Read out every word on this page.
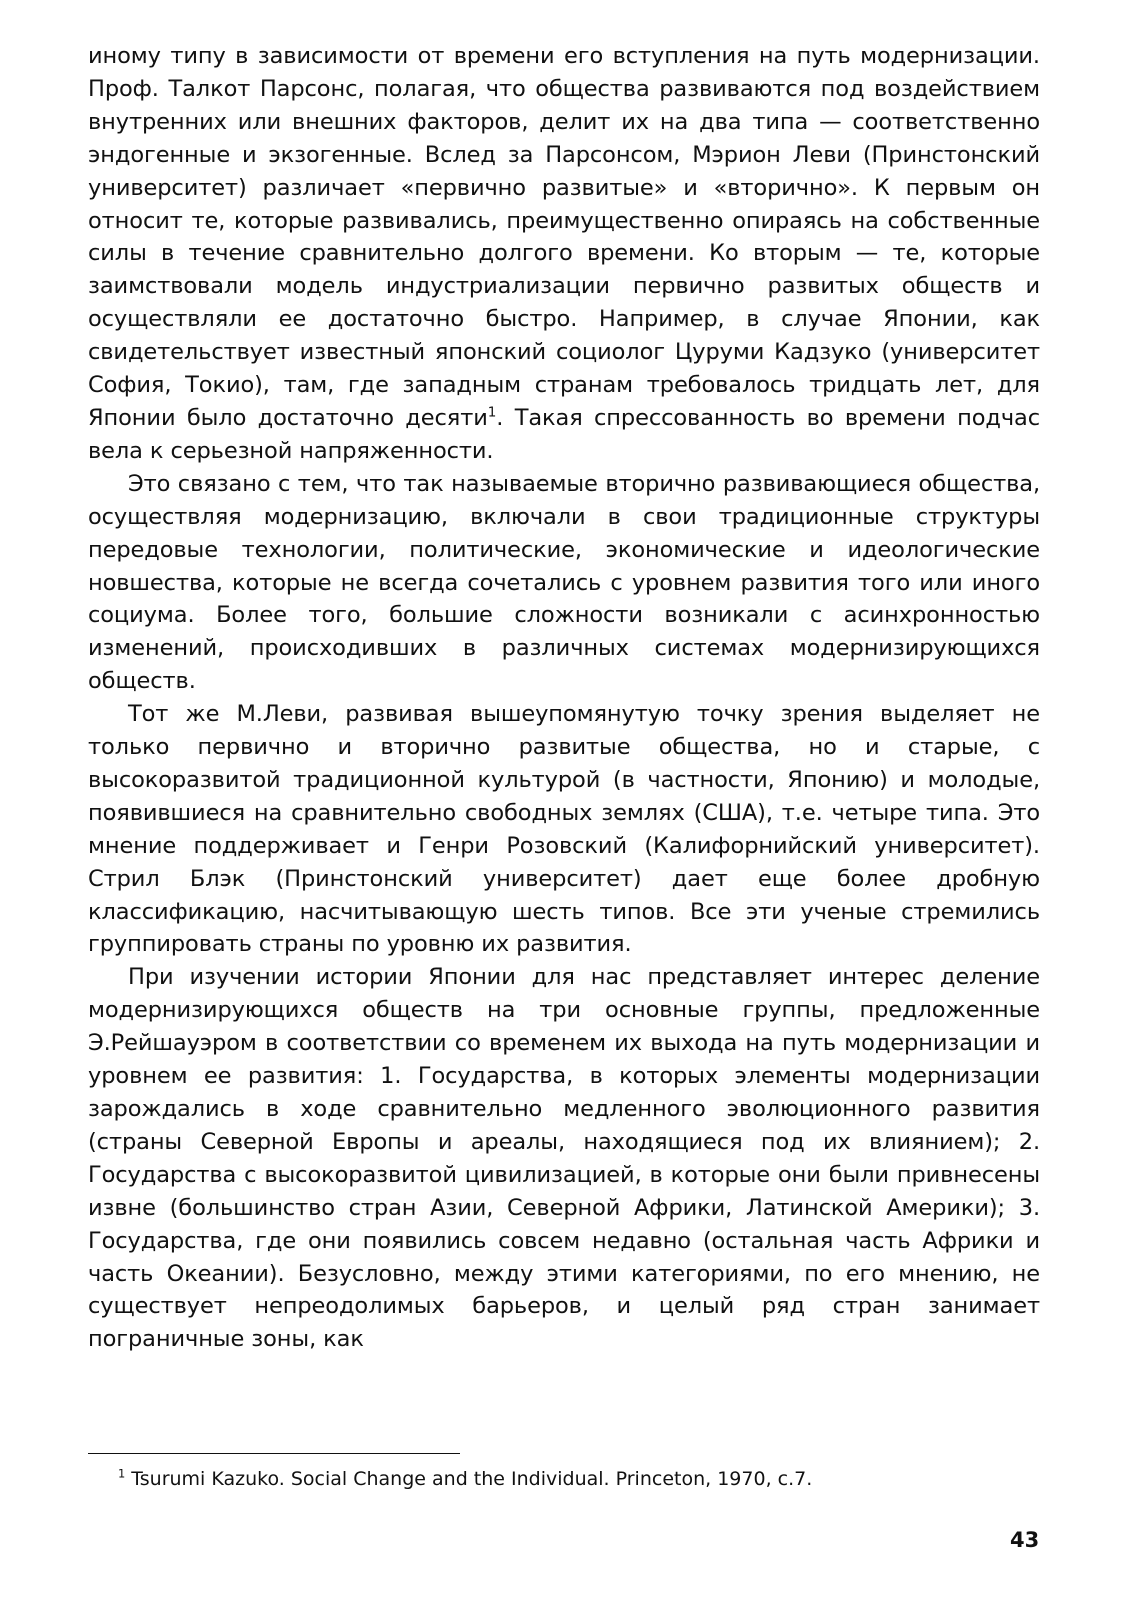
иному типу в зависимости от времени его вступления на путь модернизации. Проф. Талкот Парсонс, полагая, что общества развиваются под воздействием внутренних или внешних факторов, делит их на два типа — соответственно эндогенные и экзогенные. Вслед за Парсонсом, Мэрион Леви (Принстонский университет) различает «первично развитые» и «вторично». К первым он относит те, которые развивались, преимущественно опираясь на собственные силы в течение сравнительно долгого времени. Ко вторым — те, которые заимствовали модель индустриализации первично развитых обществ и осуществляли ее достаточно быстро. Например, в случае Японии, как свидетельствует известный японский социолог Цуруми Кадзуко (университет София, Токио), там, где западным странам требовалось тридцать лет, для Японии было достаточно десяти$^1$. Такая спрессованность во времени подчас вела к серьезной напряженности.

Это связано с тем, что так называемые вторично развивающиеся общества, осуществляя модернизацию, включали в свои традиционные структуры передовые технологии, политические, экономические и идеологические новшества, которые не всегда сочетались с уровнем развития того или иного социума. Более того, большие сложности возникали с асинхронностью изменений, происходивших в различных системах модернизирующихся обществ.

Тот же М.Леви, развивая вышеупомянутую точку зрения выделяет не только первично и вторично развитые общества, но и старые, с высокоразвитой традиционной культурой (в частности, Японию) и молодые, появившиеся на сравнительно свободных землях (США), т.е. четыре типа. Это мнение поддерживает и Генри Розовский (Калифорнийский университет). Стрил Блэк (Принстонский университет) дает еще более дробную классификацию, насчитывающую шесть типов. Все эти ученые стремились группировать страны по уровню их развития.

При изучении истории Японии для нас представляет интерес деление модернизирующихся обществ на три основные группы, предложенные Э.Рейшауэром в соответствии со временем их выхода на путь модернизации и уровнем ее развития: 1. Государства, в которых элементы модернизации зарождались в ходе сравнительно медленного эволюционного развития (страны Северной Европы и ареалы, находящиеся под их влиянием); 2. Государства с высокоразвитой цивилизацией, в которые они были привнесены извне (большинство стран Азии, Северной Африки, Латинской Америки); 3. Государства, где они появились совсем недавно (остальная часть Африки и часть Океании). Безусловно, между этими категориями, по его мнению, не существует непреодолимых барьеров, и целый ряд стран занимает пограничные зоны, как

$^1$ Tsurumi Kazuko. Social Change and the Individual. Princeton, 1970, c.7.

43
